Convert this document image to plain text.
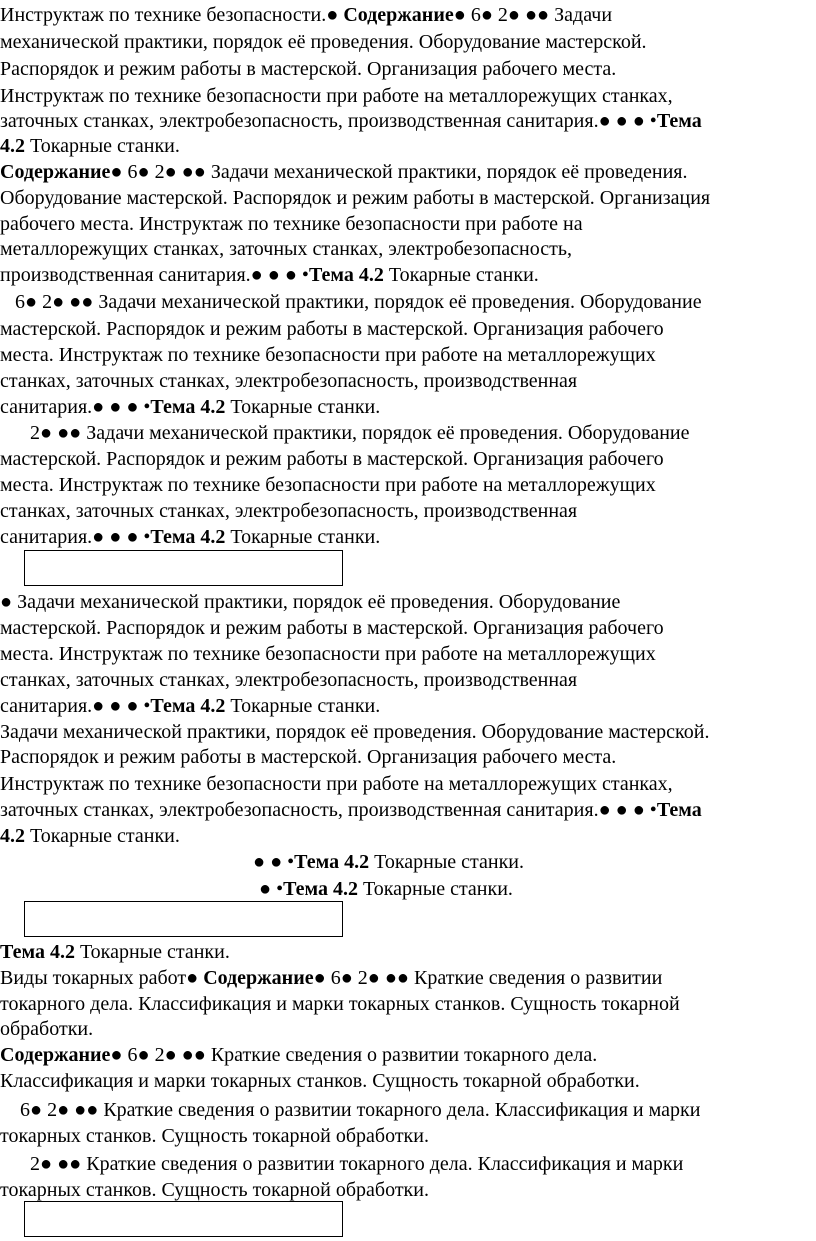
Инструктаж по технике безопасности.● Содержание● 6● 2● ●● Задачи
механической практики, порядок её проведения. Оборудование мастерской.
Распорядок и режим работы в мастерской. Организация рабочего места.
Инструктаж по технике безопасности при работе на металлорежущих станках,
заточных станках, электробезопасность, производственная санитария.● ● ● •Тема
4.2 Токарные станки.
Содержание● 6● 2● ●● Задачи механической практики, порядок её проведения.
Оборудование мастерской. Распорядок и режим работы в мастерской. Организация
рабочего места. Инструктаж по технике безопасности при работе на
металлорежущих станках, заточных станках, электробезопасность,
производственная санитария.● ● ● •Тема 4.2 Токарные станки.
6● 2● ●● Задачи механической практики, порядок её проведения. Оборудование
мастерской. Распорядок и режим работы в мастерской. Организация рабочего
места. Инструктаж по технике безопасности при работе на металлорежущих
станках, заточных станках, электробезопасность, производственная
санитария.● ● ● •Тема 4.2 Токарные станки.
2● ●● Задачи механической практики, порядок её проведения. Оборудование
мастерской. Распорядок и режим работы в мастерской. Организация рабочего
места. Инструктаж по технике безопасности при работе на металлорежущих
станках, заточных станках, электробезопасность, производственная
санитария.● ● ● •Тема 4.2 Токарные станки.
● Задачи механической практики, порядок её проведения. Оборудование
мастерской. Распорядок и режим работы в мастерской. Организация рабочего
места. Инструктаж по технике безопасности при работе на металлорежущих
станках, заточных станках, электробезопасность, производственная
санитария.● ● ● •Тема 4.2 Токарные станки.
Задачи механической практики, порядок её проведения. Оборудование мастерской.
Распорядок и режим работы в мастерской. Организация рабочего места.
Инструктаж по технике безопасности при работе на металлорежущих станках,
заточных станках, электробезопасность, производственная санитария.● ● ● •Тема
4.2 Токарные станки.
● ● •Тема 4.2 Токарные станки.
● •Тема 4.2 Токарные станки.
Тема 4.2 Токарные станки.
Виды токарных работ● Содержание● 6● 2● ●● Краткие сведения о развитии
токарного дела. Классификация и марки токарных станков. Сущность токарной
обработки.
Содержание● 6● 2● ●● Краткие сведения о развитии токарного дела.
Классификация и марки токарных станков. Сущность токарной обработки.
6● 2● ●● Краткие сведения о развитии токарного дела. Классификация и марки
токарных станков. Сущность токарной обработки.
2● ●● Краткие сведения о развитии токарного дела. Классификация и марки
токарных станков. Сущность токарной обработки.
